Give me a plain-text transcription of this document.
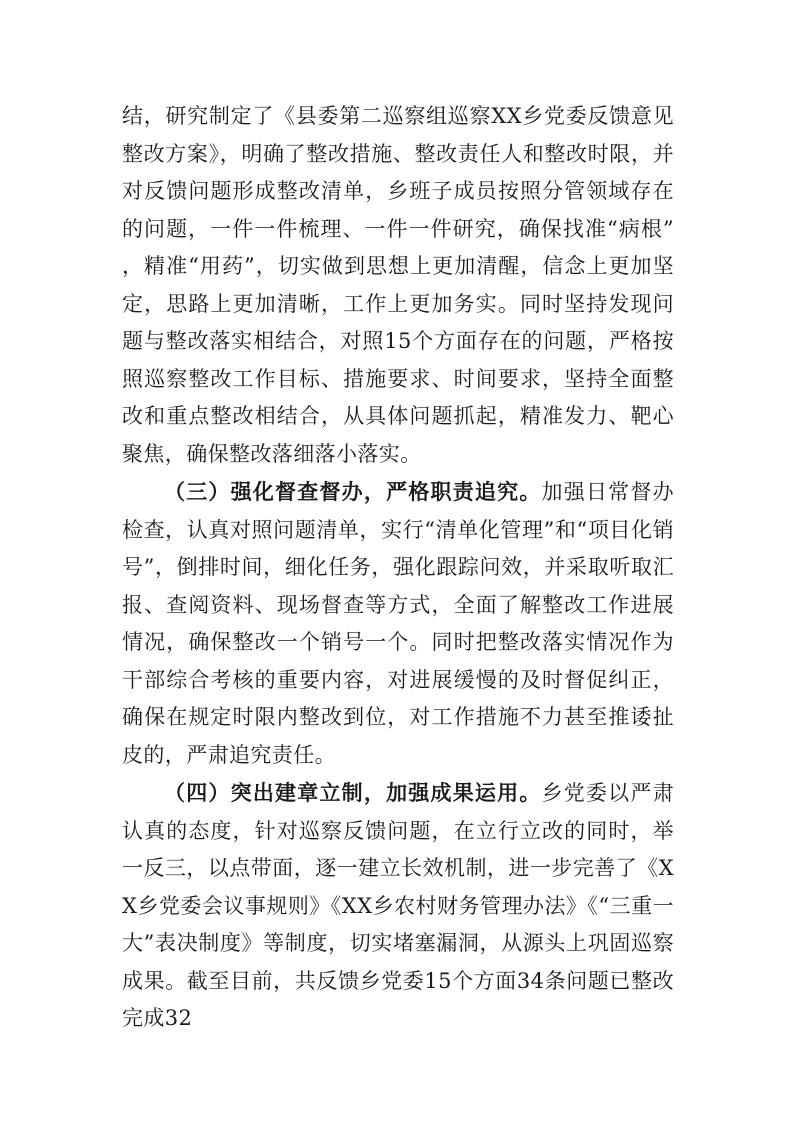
结，研究制定了《县委第二巡察组巡察XX乡党委反馈意见整改方案》，明确了整改措施、整改责任人和整改时限，并对反馈问题形成整改清单，乡班子成员按照分管领域存在的问题，一件一件梳理、一件一件研究，确保找准“病根”，精准“用药”，切实做到思想上更加清醒，信念上更加坚定，思路上更加清晰，工作上更加务实。同时坚持发现问题与整改落实相结合，对照15个方面存在的问题，严格按照巡察整改工作目标、措施要求、时间要求，坚持全面整改和重点整改相结合，从具体问题抓起，精准发力、靶心聚焦，确保整改落细落小落实。

（三）强化督查督办，严格职责追究。加强日常督办检查，认真对照问题清单，实行“清单化管理”和“项目化销号”，倒排时间，细化任务，强化跟踪问效，并采取听取汇报、查阅资料、现场督查等方式，全面了解整改工作进展情况，确保整改一个销号一个。同时把整改落实情况作为干部综合考核的重要内容，对进展缓慢的及时督促纠正，确保在规定时限内整改到位，对工作措施不力甚至推诿扯皮的，严肃追究责任。

（四）突出建章立制，加强成果运用。乡党委以严肃认真的态度，针对巡察反馈问题，在立行立改的同时，举一反三，以点带面，逐一建立长效机制，进一步完善了《XX乡党委会议事规则》《XX乡农村财务管理办法》《“三重一大”表决制度》等制度，切实堵塞漏洞，从源头上巩固巡察成果。截至目前，共反馈乡党委15个方面34条问题已整改完成32
